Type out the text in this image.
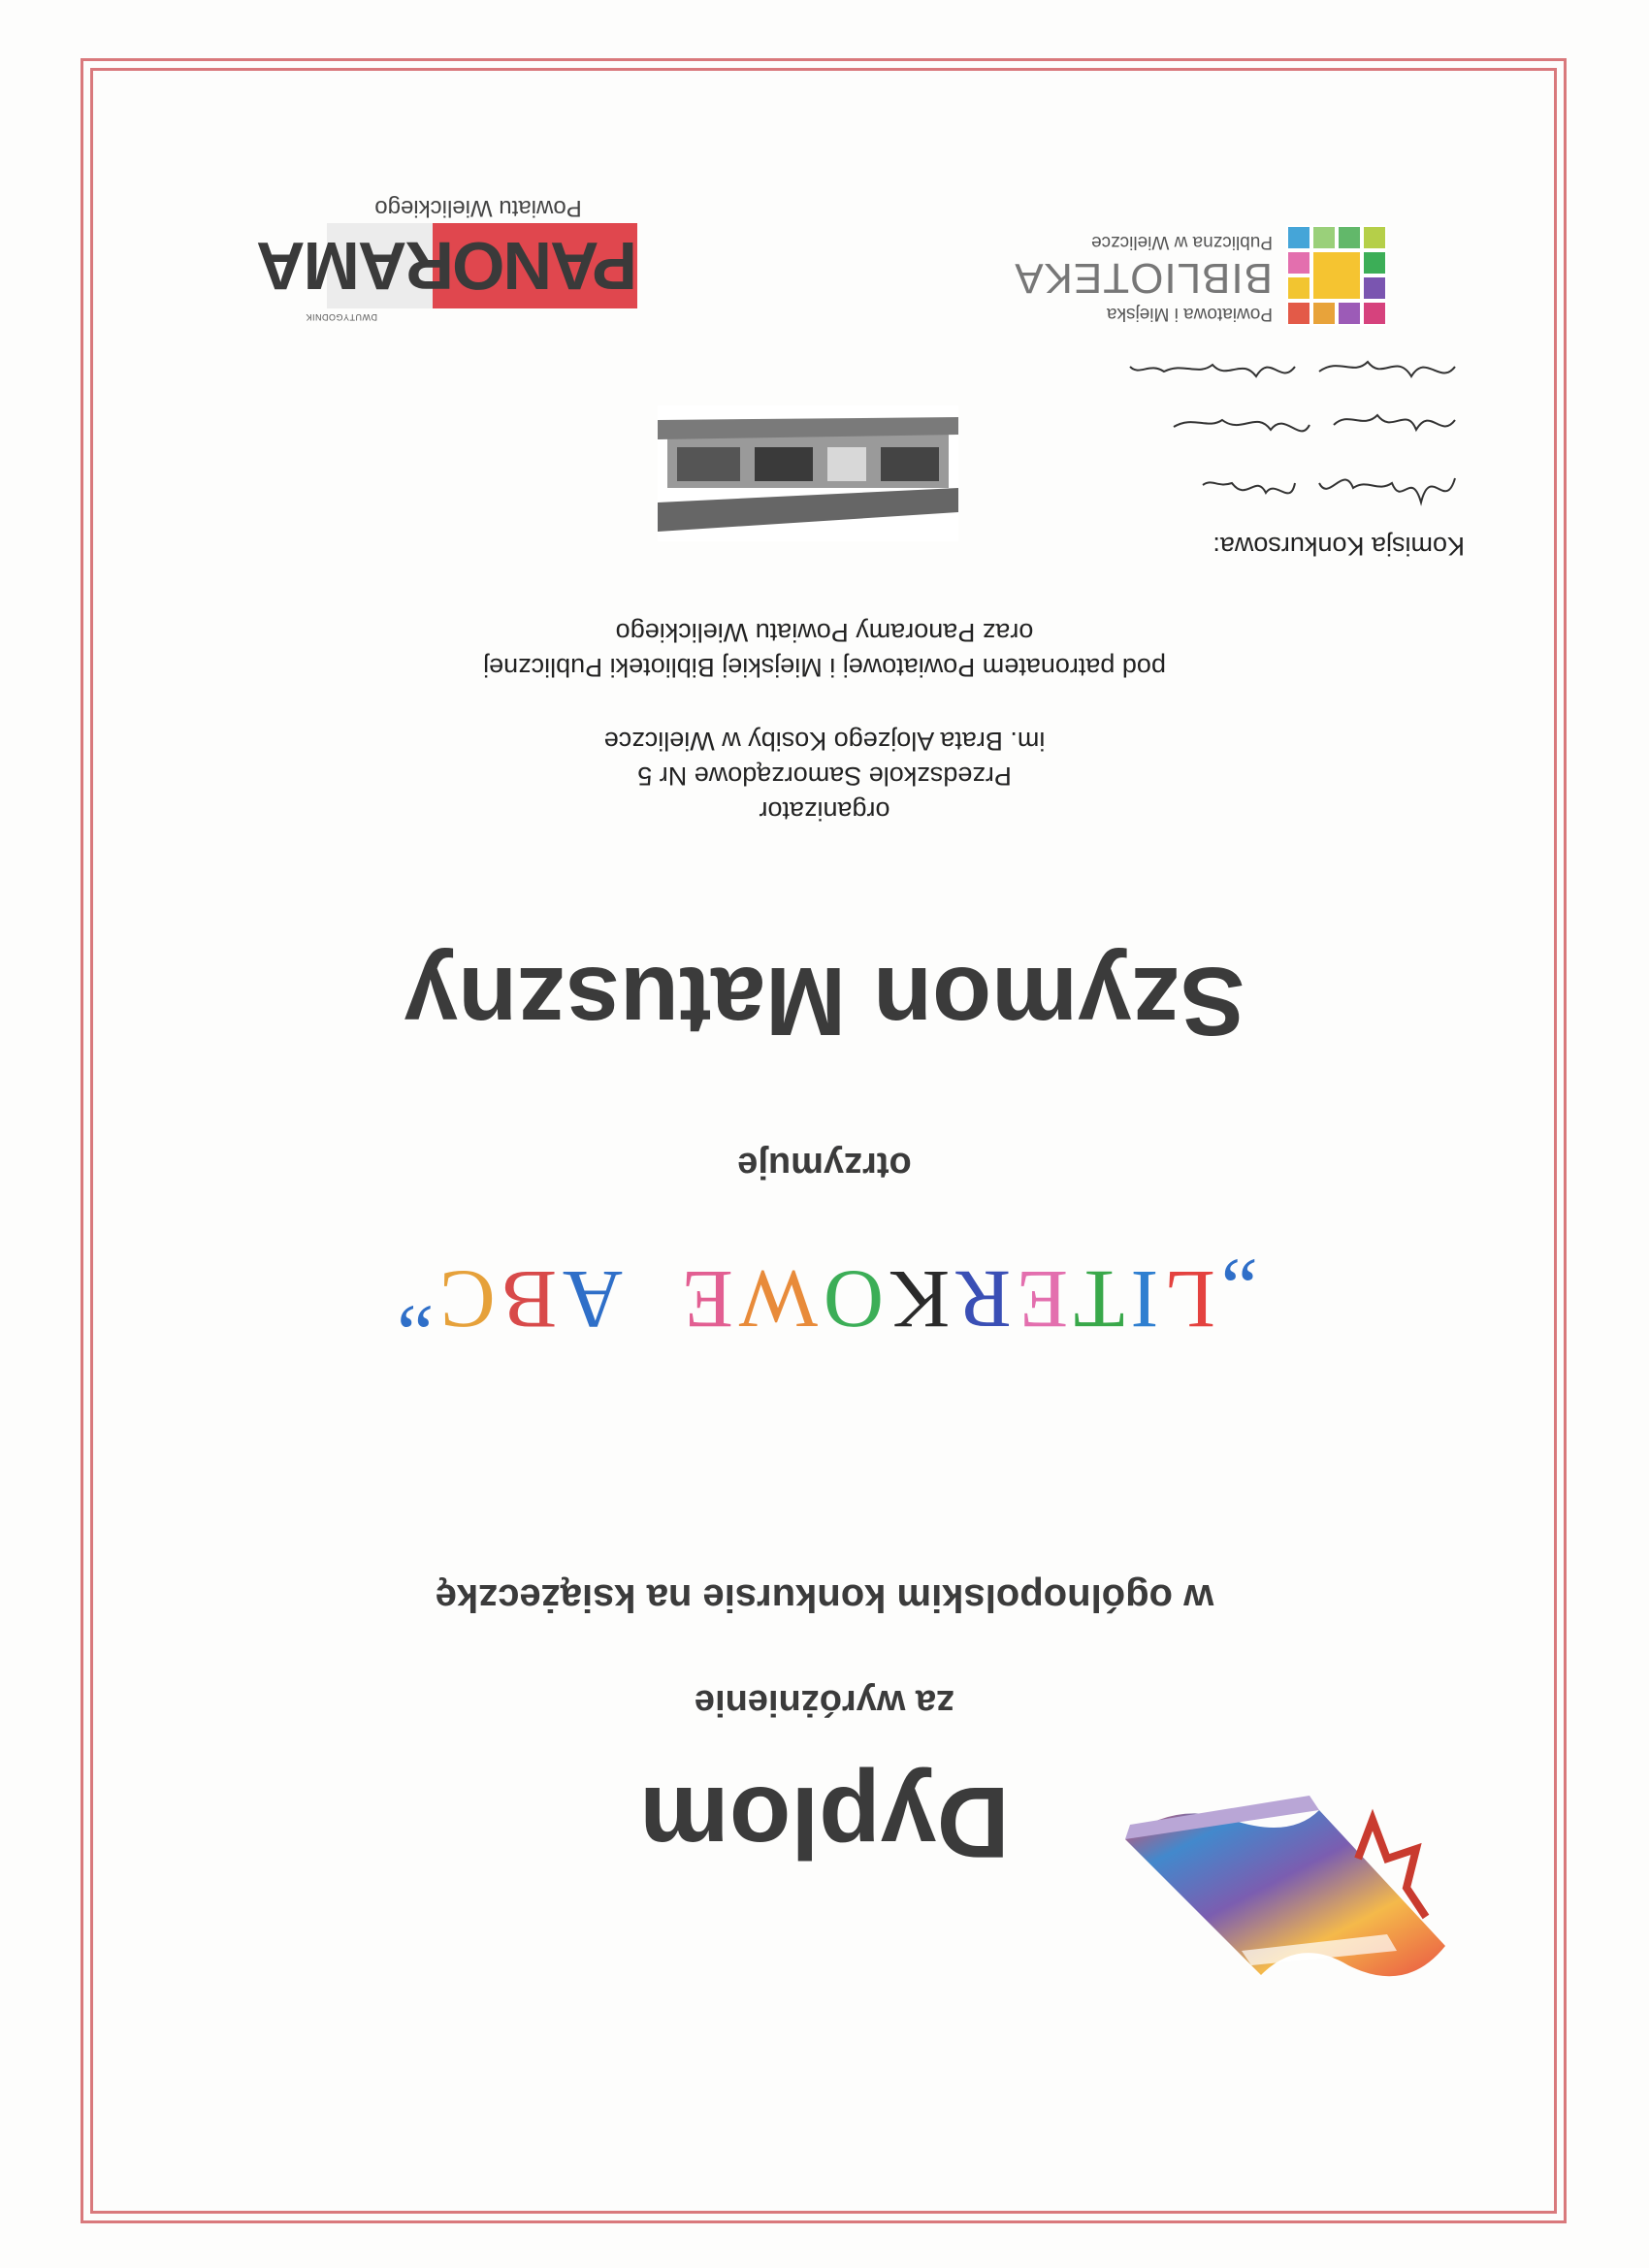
Dyplom
za wyróżnienie
w ogólnopolskim konkursie na książeczkę
„LITERKOWE  ABC”
otrzymuje
Szymon Matuszny
organizator
Przedszkole Samorządowe Nr 5
im. Brata Alojzego Kosiby w Wieliczce
pod patronatem Powiatowej i Miejskiej Biblioteki Publicznej
oraz Panoramy Powiatu Wielickiego
Komisja Konkursowa:
Powiatowa i Miejska
BIBLIOTEKA
Publiczna w Wieliczce
DWUTYGODNIK
PANORAMA
Powiatu Wielickiego
